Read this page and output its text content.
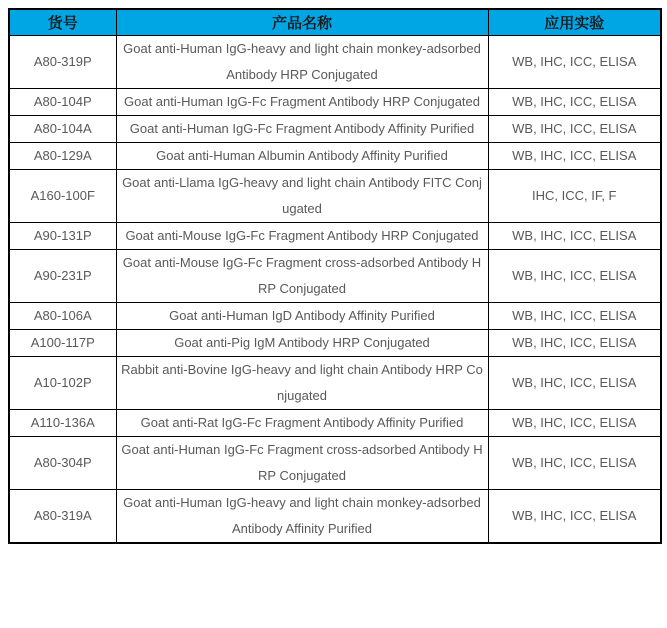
货号	产品名称	应用实验
A80-319P	Goat anti-Human IgG-heavy and light chain monkey-adsorbed Antibody HRP Conjugated	WB, IHC, ICC, ELISA
A80-104P	Goat anti-Human IgG-Fc Fragment Antibody HRP Conjugated	WB, IHC, ICC, ELISA
A80-104A	Goat anti-Human IgG-Fc Fragment Antibody Affinity Purified	WB, IHC, ICC, ELISA
A80-129A	Goat anti-Human Albumin Antibody Affinity Purified	WB, IHC, ICC, ELISA
A160-100F	Goat anti-Llama IgG-heavy and light chain Antibody FITC Conjugated	IHC, ICC, IF, F
A90-131P	Goat anti-Mouse IgG-Fc Fragment Antibody HRP Conjugated	WB, IHC, ICC, ELISA
A90-231P	Goat anti-Mouse IgG-Fc Fragment cross-adsorbed Antibody HRP Conjugated	WB, IHC, ICC, ELISA
A80-106A	Goat anti-Human IgD Antibody Affinity Purified	WB, IHC, ICC, ELISA
A100-117P	Goat anti-Pig IgM Antibody HRP Conjugated	WB, IHC, ICC, ELISA
A10-102P	Rabbit anti-Bovine IgG-heavy and light chain Antibody HRP Conjugated	WB, IHC, ICC, ELISA
A110-136A	Goat anti-Rat IgG-Fc Fragment Antibody Affinity Purified	WB, IHC, ICC, ELISA
A80-304P	Goat anti-Human IgG-Fc Fragment cross-adsorbed Antibody HRP Conjugated	WB, IHC, ICC, ELISA
A80-319A	Goat anti-Human IgG-heavy and light chain monkey-adsorbed Antibody Affinity Purified	WB, IHC, ICC, ELISA
